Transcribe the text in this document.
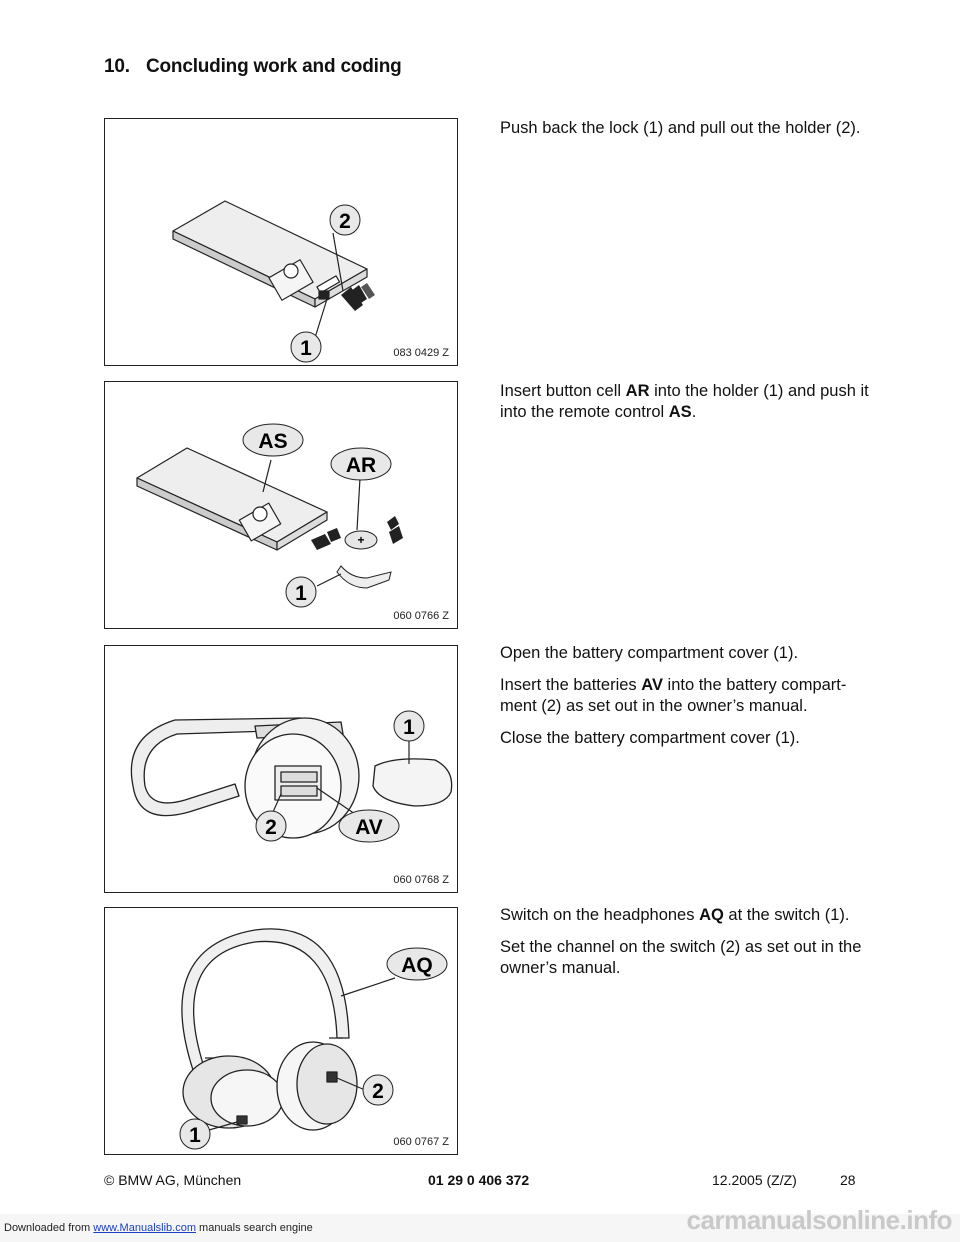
10. Concluding work and coding
2
1	083 0429 Z

Push back the lock (1) and pull out the holder (2).

+
AS
AR
1
060 0766 Z

Insert button cell AR into the holder (1) and push it into the remote control AS.

1
2	AV
060 0768 Z

Open the battery compartment cover (1).

Insert the batteries AV into the battery compart-ment (2) as set out in the owner’s manual.

Close the battery compartment cover (1).

AQ
2
1	060 0767 Z

Switch on the headphones AQ at the switch (1).

Set the channel on the switch (2) as set out in the owner’s manual.

© BMW AG, München	01 29 0 406 372	12.2005 (Z/Z)	28
Downloaded from www.Manualslib.com manuals search engine	carmanualsonline.info
